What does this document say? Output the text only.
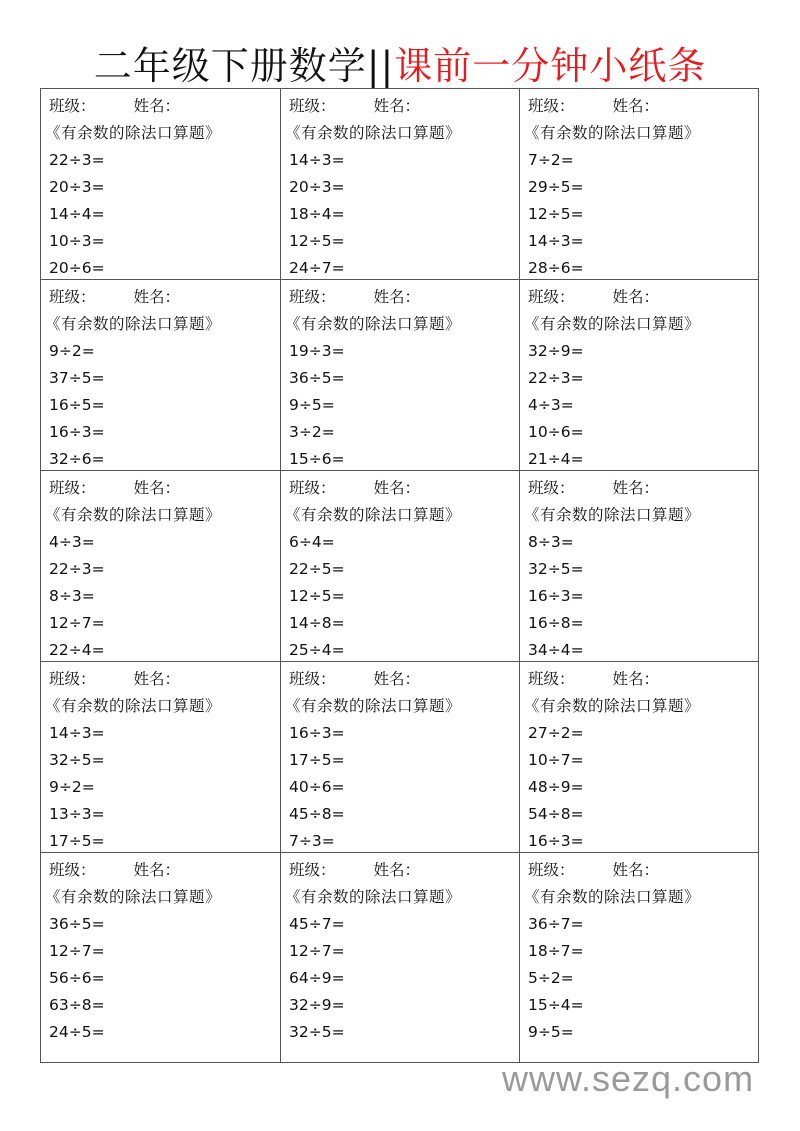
二年级下册数学||课前一分钟小纸条
班级： 姓名：
《有余数的除法口算题》
22÷3=
20÷3=
14÷4=
10÷3=
20÷6=
班级： 姓名：
《有余数的除法口算题》
14÷3=
20÷3=
18÷4=
12÷5=
24÷7=
班级： 姓名：
《有余数的除法口算题》
7÷2=
29÷5=
12÷5=
14÷3=
28÷6=
班级： 姓名：
《有余数的除法口算题》
9÷2=
37÷5=
16÷5=
16÷3=
32÷6=
班级： 姓名：
《有余数的除法口算题》
19÷3=
36÷5=
9÷5=
3÷2=
15÷6=
班级： 姓名：
《有余数的除法口算题》
32÷9=
22÷3=
4÷3=
10÷6=
21÷4=
班级： 姓名：
《有余数的除法口算题》
4÷3=
22÷3=
8÷3=
12÷7=
22÷4=
班级： 姓名：
《有余数的除法口算题》
6÷4=
22÷5=
12÷5=
14÷8=
25÷4=
班级： 姓名：
《有余数的除法口算题》
8÷3=
32÷5=
16÷3=
16÷8=
34÷4=
班级： 姓名：
《有余数的除法口算题》
14÷3=
32÷5=
9÷2=
13÷3=
17÷5=
班级： 姓名：
《有余数的除法口算题》
16÷3=
17÷5=
40÷6=
45÷8=
7÷3=
班级： 姓名：
《有余数的除法口算题》
27÷2=
10÷7=
48÷9=
54÷8=
16÷3=
班级： 姓名：
《有余数的除法口算题》
36÷5=
12÷7=
56÷6=
63÷8=
24÷5=
班级： 姓名：
《有余数的除法口算题》
45÷7=
12÷7=
64÷9=
32÷9=
32÷5=
班级： 姓名：
《有余数的除法口算题》
36÷7=
18÷7=
5÷2=
15÷4=
9÷5=
www.sezq.com
